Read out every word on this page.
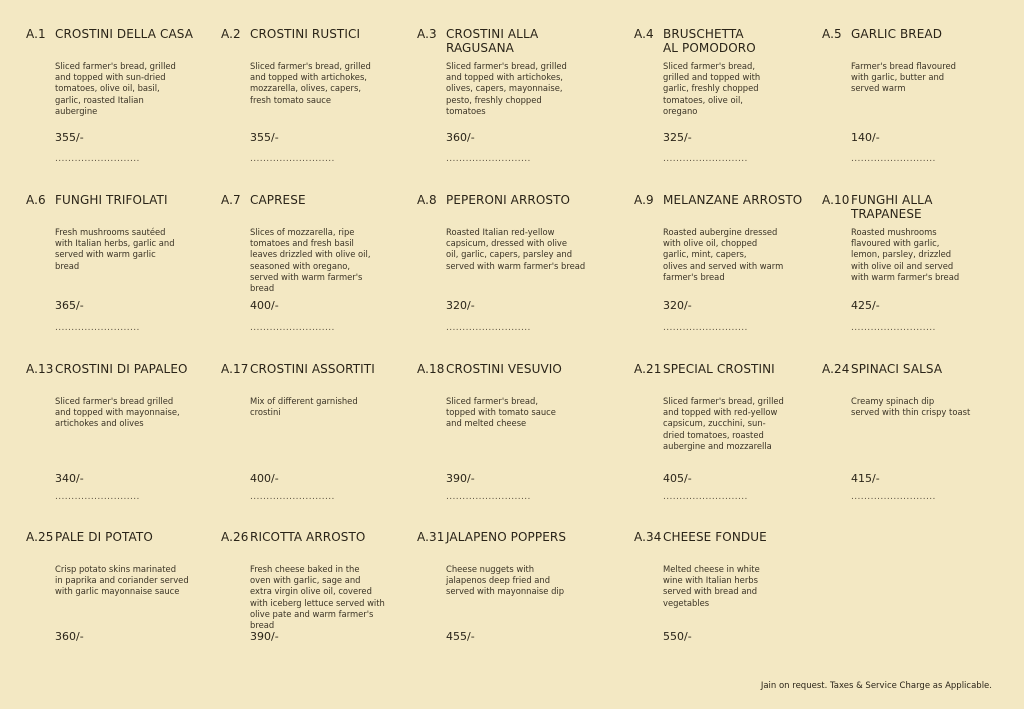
A.1 CROSTINI DELLA CASA
Sliced farmer's bread, grilled
and topped with sun-dried
tomatoes, olive oil, basil,
garlic, roasted Italian
aubergine
355/-
..........................
A.2 CROSTINI RUSTICI
Sliced farmer's bread, grilled
and topped with artichokes,
mozzarella, olives, capers,
fresh tomato sauce
355/-
..........................
A.3 CROSTINI ALLA RAGUSANA
Sliced farmer's bread, grilled
and topped with artichokes,
olives, capers, mayonnaise,
pesto, freshly chopped
tomatoes
360/-
..........................
A.4 BRUSCHETTA
AL POMODORO
Sliced farmer's bread,
grilled and topped with
garlic, freshly chopped
tomatoes, olive oil,
oregano
325/-
..........................
A.5 GARLIC BREAD
Farmer's bread flavoured
with garlic, butter and
served warm
140/-
..........................
A.6 FUNGHI TRIFOLATI
Fresh mushrooms sautéed
with Italian herbs, garlic and
served with warm garlic
bread
365/-
..........................
A.7 CAPRESE
Slices of mozzarella, ripe
tomatoes and fresh basil
leaves drizzled with olive oil,
seasoned with oregano,
served with warm farmer's
bread
400/-
..........................
A.8 PEPERONI ARROSTO
Roasted Italian red-yellow
capsicum, dressed with olive
oil, garlic, capers, parsley and
served with warm farmer's bread
320/-
..........................
A.9 MELANZANE ARROSTO
Roasted aubergine dressed
with olive oil, chopped
garlic, mint, capers,
olives and served with warm
farmer's bread
320/-
..........................
A.10 FUNGHI ALLA
TRAPANESE
Roasted mushrooms
flavoured with garlic,
lemon, parsley, drizzled
with olive oil and served
with warm farmer's bread
425/-
..........................
A.13 CROSTINI DI PAPALEO
Sliced farmer's bread grilled
and topped with mayonnaise,
artichokes and olives
340/-
..........................
A.17 CROSTINI ASSORTITI
Mix of different garnished
crostini
400/-
..........................
A.18 CROSTINI VESUVIO
Sliced farmer's bread,
topped with tomato sauce
and melted cheese
390/-
..........................
A.21 SPECIAL CROSTINI
Sliced farmer's bread, grilled
and topped with red-yellow
capsicum, zucchini, sun-
dried tomatoes, roasted
aubergine and mozzarella
405/-
..........................
A.24 SPINACI SALSA
Creamy spinach dip
served with thin crispy toast
415/-
..........................
A.25 PALE DI POTATO
Crisp potato skins marinated
in paprika and coriander served
with garlic mayonnaise sauce
360/-
A.26 RICOTTA ARROSTO
Fresh cheese baked in the
oven with garlic, sage and
extra virgin olive oil, covered
with iceberg lettuce served with
olive pate and warm farmer's bread
390/-
A.31 JALAPENO POPPERS
Cheese nuggets with
jalapenos deep fried and
served with mayonnaise dip
455/-
A.34 CHEESE FONDUE
Melted cheese in white
wine with Italian herbs
served with bread and
vegetables
550/-
Jain on request. Taxes & Service Charge as Applicable.
